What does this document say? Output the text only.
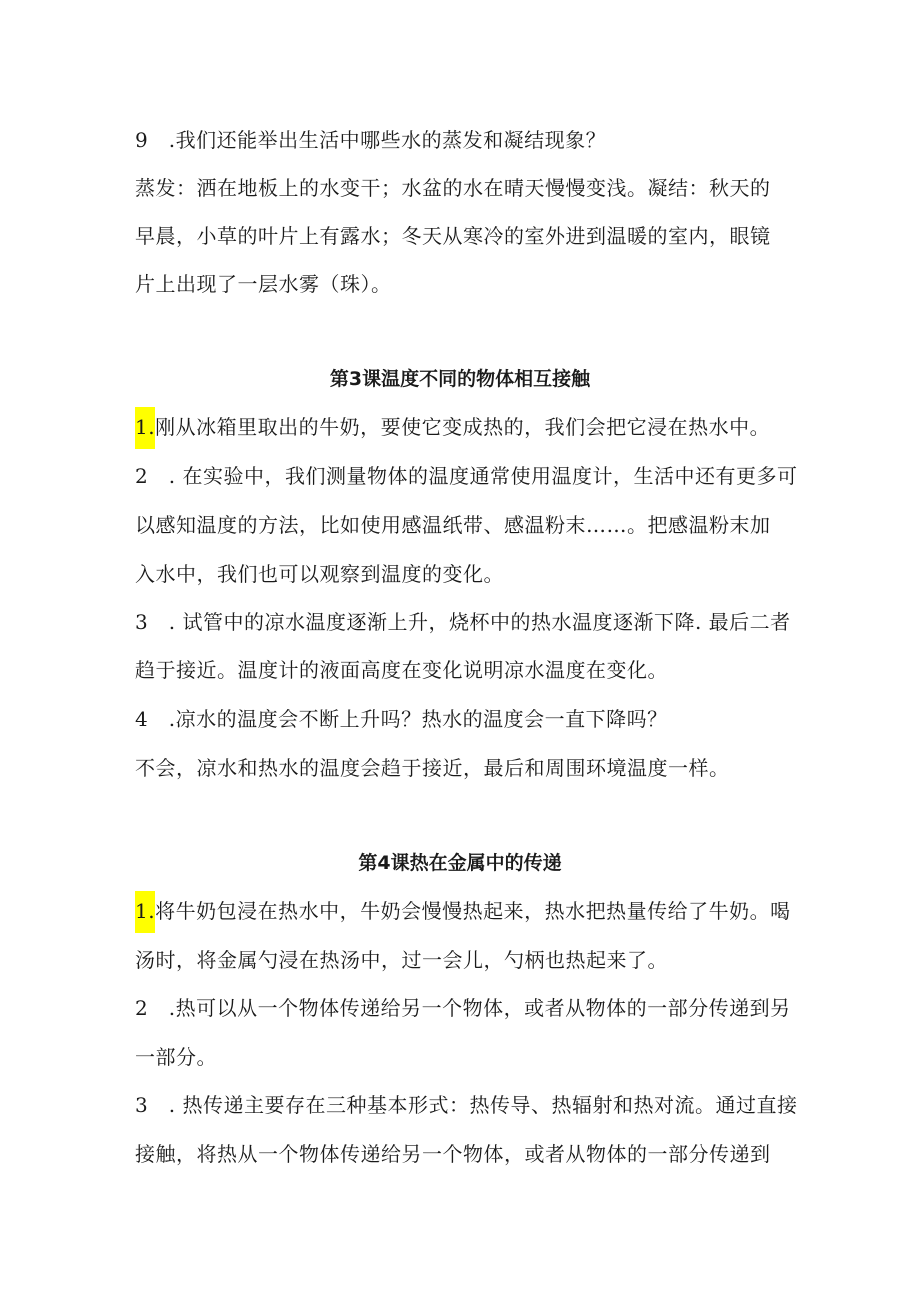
9　.我们还能举出生活中哪些水的蒸发和凝结现象？
蒸发：洒在地板上的水变干；水盆的水在晴天慢慢变浅。凝结：秋天的
早晨，小草的叶片上有露水；冬天从寒冷的室外进到温暖的室内，眼镜
片上出现了一层水雾（珠）。
第3课温度不同的物体相互接触
1.刚从冰箱里取出的牛奶，要使它变成热的，我们会把它浸在热水中。
2　. 在实验中，我们测量物体的温度通常使用温度计，生活中还有更多可
以感知温度的方法，比如使用感温纸带、感温粉末……。把感温粉末加
入水中，我们也可以观察到温度的变化。
3　. 试管中的凉水温度逐渐上升，烧杯中的热水温度逐渐下降. 最后二者
趋于接近。温度计的液面高度在变化说明凉水温度在变化。
4　.凉水的温度会不断上升吗？热水的温度会一直下降吗？
不会，凉水和热水的温度会趋于接近，最后和周围环境温度一样。
第4课热在金属中的传递
1.将牛奶包浸在热水中，牛奶会慢慢热起来，热水把热量传给了牛奶。喝
汤时，将金属勺浸在热汤中，过一会儿，勺柄也热起来了。
2　.热可以从一个物体传递给另一个物体，或者从物体的一部分传递到另
一部分。
3　. 热传递主要存在三种基本形式：热传导、热辐射和热对流。通过直接
接触，将热从一个物体传递给另一个物体，或者从物体的一部分传递到
